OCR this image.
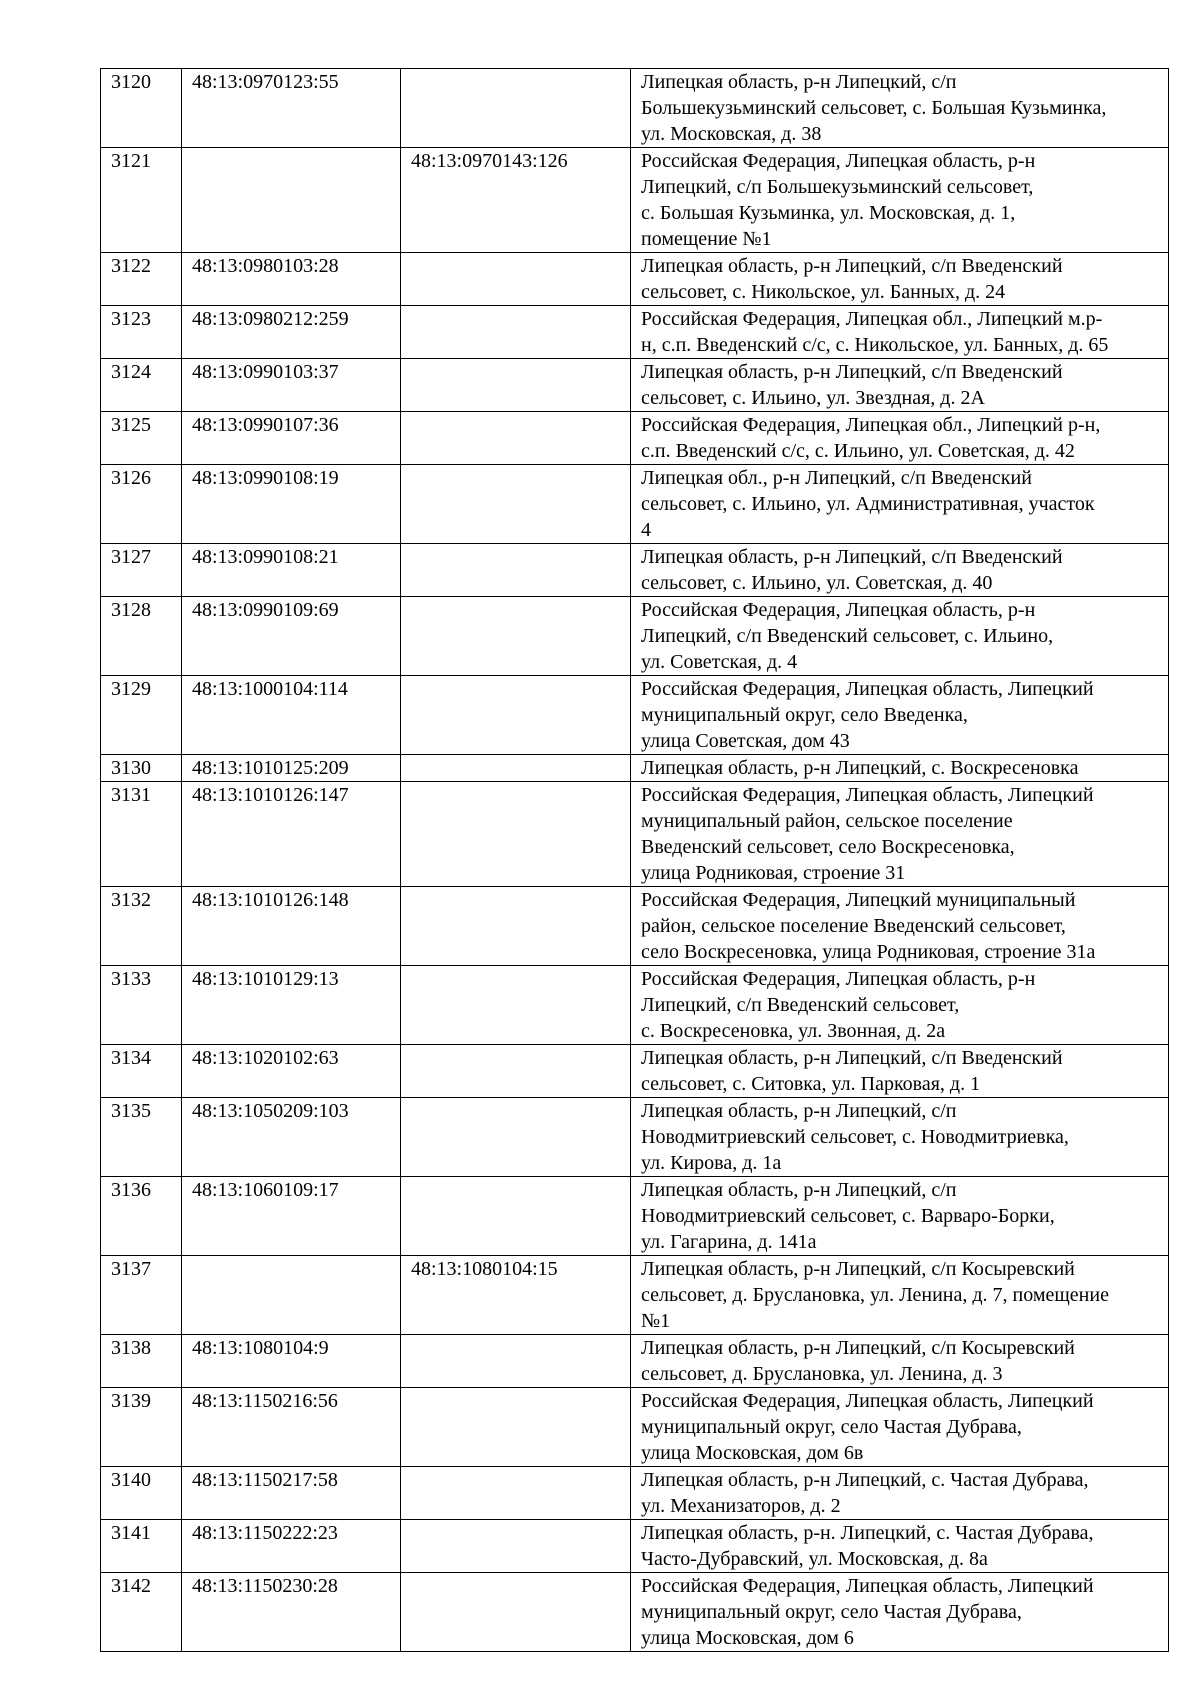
3120	48:13:0970123:55		Липецкая область, р-н Липецкий, с/п
Большекузьминский сельсовет, с. Большая Кузьминка,
ул. Московская, д. 38
3121		48:13:0970143:126	Российская Федерация, Липецкая область, р-н
Липецкий, с/п Большекузьминский сельсовет,
с. Большая Кузьминка, ул. Московская, д. 1,
помещение №1
3122	48:13:0980103:28		Липецкая область, р-н Липецкий, с/п Введенский
сельсовет, с. Никольское, ул. Банных, д. 24
3123	48:13:0980212:259		Российская Федерация, Липецкая обл., Липецкий м.р-
н, с.п. Введенский с/с, с. Никольское, ул. Банных, д. 65
3124	48:13:0990103:37		Липецкая область, р-н Липецкий, с/п Введенский
сельсовет, с. Ильино, ул. Звездная, д. 2А
3125	48:13:0990107:36		Российская Федерация, Липецкая обл., Липецкий р-н,
с.п. Введенский с/с, с. Ильино, ул. Советская, д. 42
3126	48:13:0990108:19		Липецкая обл., р-н Липецкий, с/п Введенский
сельсовет, с. Ильино, ул. Административная, участок
4
3127	48:13:0990108:21		Липецкая область, р-н Липецкий, с/п Введенский
сельсовет, с. Ильино, ул. Советская, д. 40
3128	48:13:0990109:69		Российская Федерация, Липецкая область, р-н
Липецкий, с/п Введенский сельсовет, с. Ильино,
ул. Советская, д. 4
3129	48:13:1000104:114		Российская Федерация, Липецкая область, Липецкий
муниципальный округ, село Введенка,
улица Советская, дом 43
3130	48:13:1010125:209		Липецкая область, р-н Липецкий, с. Воскресеновка
3131	48:13:1010126:147		Российская Федерация, Липецкая область, Липецкий
муниципальный район, сельское поселение
Введенский сельсовет, село Воскресеновка,
улица Родниковая, строение 31
3132	48:13:1010126:148		Российская Федерация, Липецкий муниципальный
район, сельское поселение Введенский сельсовет,
село Воскресеновка, улица Родниковая, строение 31а
3133	48:13:1010129:13		Российская Федерация, Липецкая область, р-н
Липецкий, с/п Введенский сельсовет,
с. Воскресеновка, ул. Звонная, д. 2а
3134	48:13:1020102:63		Липецкая область, р-н Липецкий, с/п Введенский
сельсовет, с. Ситовка, ул. Парковая, д. 1
3135	48:13:1050209:103		Липецкая область, р-н Липецкий, с/п
Новодмитриевский сельсовет, с. Новодмитриевка,
ул. Кирова, д. 1а
3136	48:13:1060109:17		Липецкая область, р-н Липецкий, с/п
Новодмитриевский сельсовет, с. Варваро-Борки,
ул. Гагарина, д. 141а
3137		48:13:1080104:15	Липецкая область, р-н Липецкий, с/п Косыревский
сельсовет, д. Брусланoвка, ул. Ленина, д. 7, помещение
№1
3138	48:13:1080104:9		Липецкая область, р-н Липецкий, с/п Косыревский
сельсовет, д. Брусланoвка, ул. Ленина, д. 3
3139	48:13:1150216:56		Российская Федерация, Липецкая область, Липецкий
муниципальный округ, село Частая Дубрава,
улица Московская, дом 6в
3140	48:13:1150217:58		Липецкая область, р-н Липецкий, с. Частая Дубрава,
ул. Механизаторов, д. 2
3141	48:13:1150222:23		Липецкая область, р-н. Липецкий, с. Частая Дубрава,
Часто-Дубравский, ул. Московская, д. 8а
3142	48:13:1150230:28		Российская Федерация, Липецкая область, Липецкий
муниципальный округ, село Частая Дубрава,
улица Московская, дом 6
